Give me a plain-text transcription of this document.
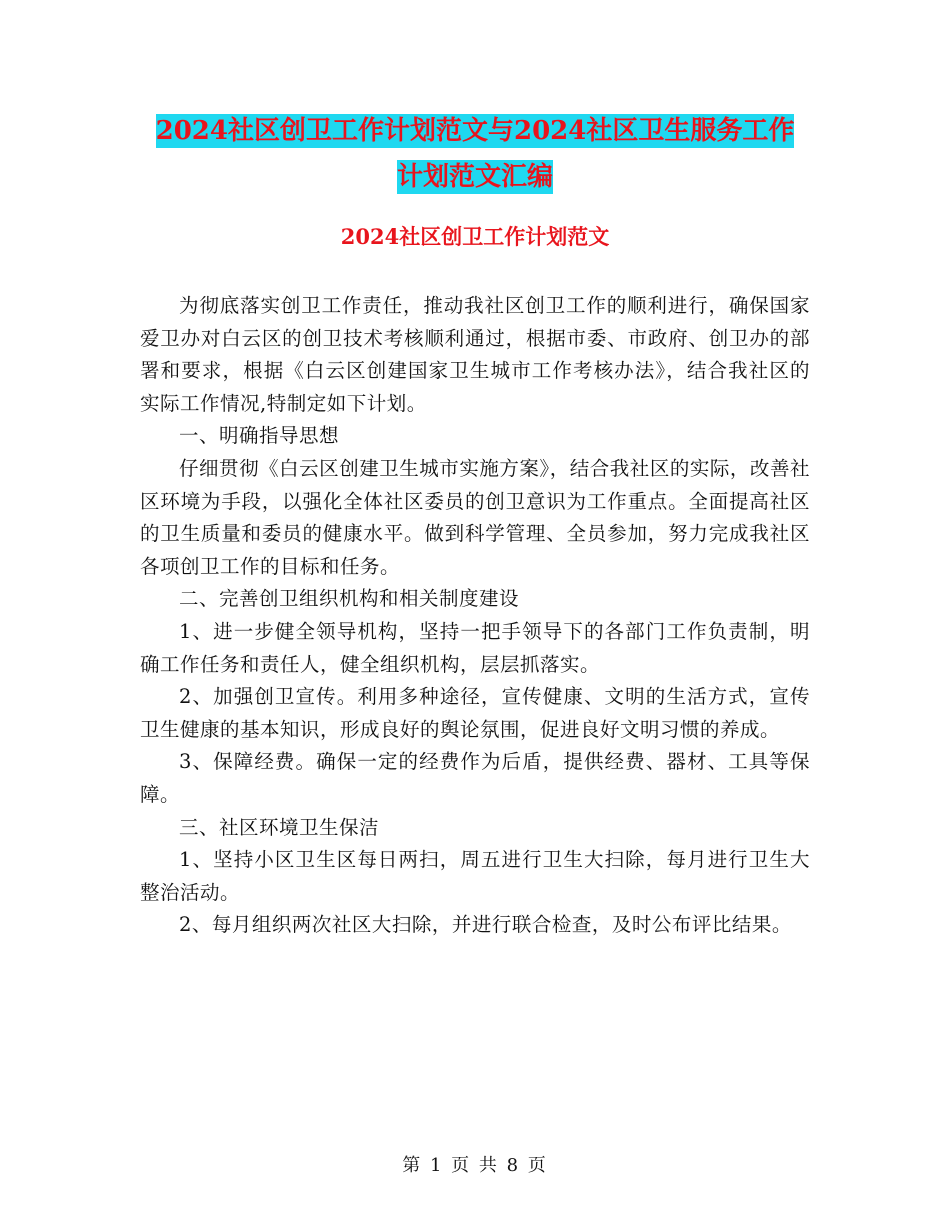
2024社区创卫工作计划范文与2024社区卫生服务工作
计划范文汇编
2024社区创卫工作计划范文

为彻底落实创卫工作责任，推动我社区创卫工作的顺利进行，确保国家爱卫办对白云区的创卫技术考核顺利通过，根据市委、市政府、创卫办的部署和要求，根据《白云区创建国家卫生城市工作考核办法》，结合我社区的实际工作情况,特制定如下计划。

一、明确指导思想

仔细贯彻《白云区创建卫生城市实施方案》，结合我社区的实际，改善社区环境为手段，以强化全体社区委员的创卫意识为工作重点。全面提高社区的卫生质量和委员的健康水平。做到科学管理、全员参加，努力完成我社区各项创卫工作的目标和任务。

二、完善创卫组织机构和相关制度建设

1、进一步健全领导机构，坚持一把手领导下的各部门工作负责制，明确工作任务和责任人，健全组织机构，层层抓落实。

2、加强创卫宣传。利用多种途径，宣传健康、文明的生活方式，宣传卫生健康的基本知识，形成良好的舆论氛围，促进良好文明习惯的养成。

3、保障经费。确保一定的经费作为后盾，提供经费、器材、工具等保障。

三、社区环境卫生保洁

1、坚持小区卫生区每日两扫，周五进行卫生大扫除，每月进行卫生大整治活动。

2、每月组织两次社区大扫除，并进行联合检查，及时公布评比结果。

第 1 页 共 8 页
